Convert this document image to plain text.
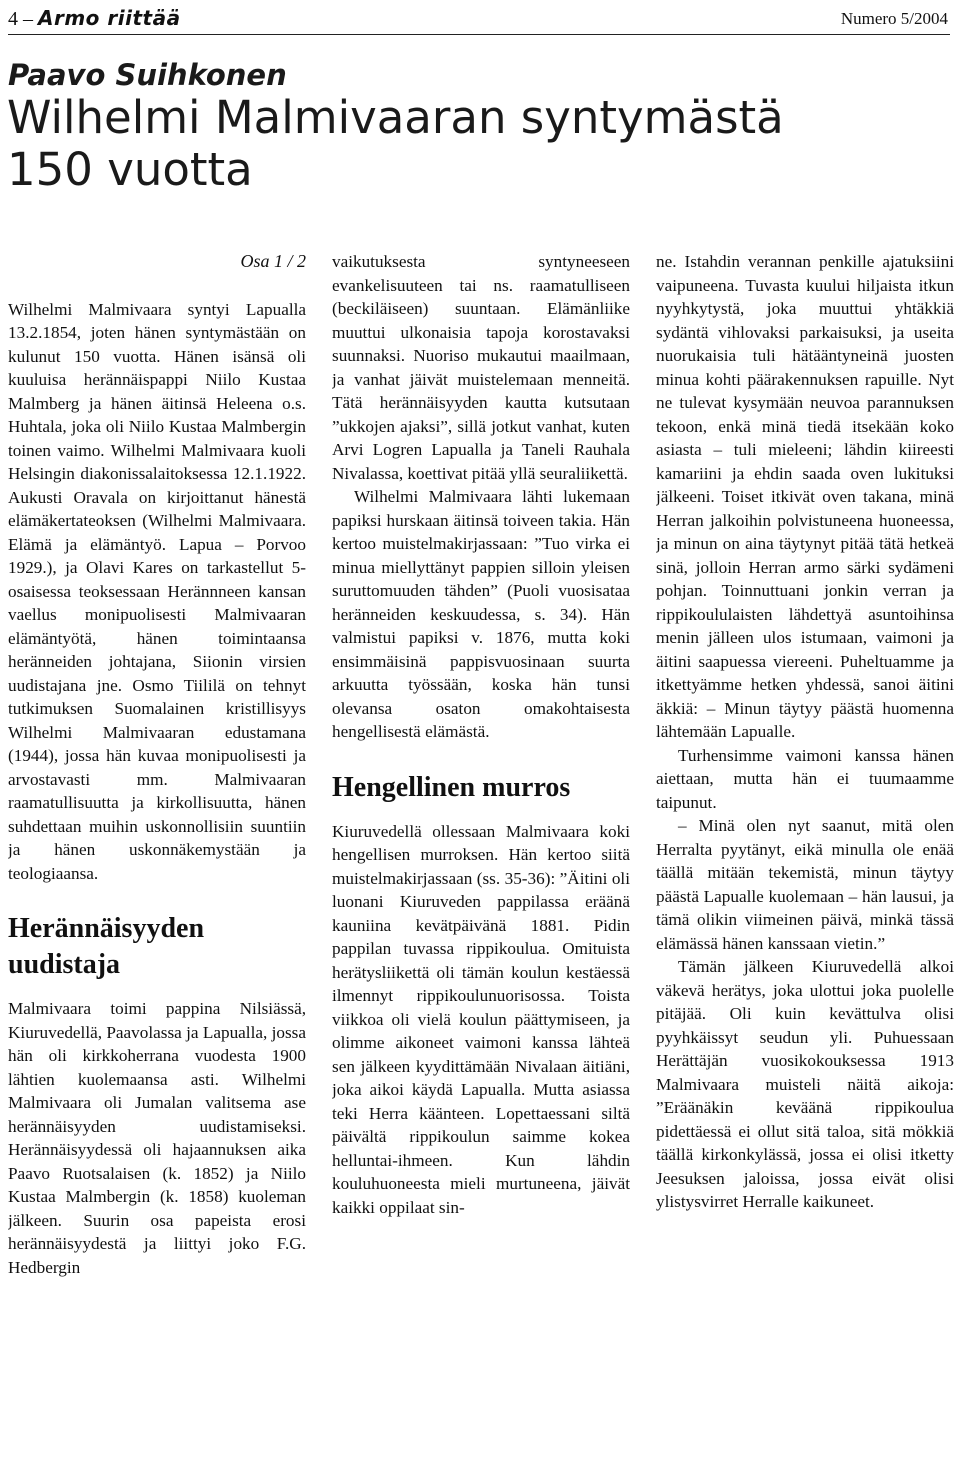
4 – Armo riittää	Numero 5/2004
Paavo Suihkonen
Wilhelmi Malmivaaran syntymästä 150 vuotta
Osa 1 / 2

Wilhelmi Malmivaara syntyi Lapualla 13.2.1854, joten hänen syntymästään on kulunut 150 vuotta. Hänen isänsä oli kuuluisa herännäispappi Niilo Kustaa Malmberg ja hänen äitinsä Heleena o.s. Huhtala, joka oli Niilo Kustaa Malmbergin toinen vaimo. Wilhelmi Malmivaara kuoli Helsingin diakonissalaitoksessa 12.1.1922. Aukusti Oravala on kirjoittanut hänestä elämäkertateoksen (Wilhelmi Malmivaara. Elämä ja elämäntyö. Lapua – Porvoo 1929.), ja Olavi Kares on tarkastellut 5-osaisessa teoksessaan Herännneen kansan vaellus monipuolisesti Malmivaaran elämäntyötä, hänen toimintaansa heränneiden johtajana, Siionin virsien uudistajana jne. Osmo Tiililä on tehnyt tutkimuksen Suomalainen kristillisyys Wilhelmi Malmivaaran edustamana (1944), jossa hän kuvaa monipuolisesti ja arvostavasti mm. Malmivaaran raamatullisuutta ja kirkollisuutta, hänen suhdettaan muihin uskonnollisiin suuntiin ja hänen uskonnäkemystään ja teologiaansa.

Herännäisyyden uudistaja

Malmivaara toimi pappina Nilsiässä, Kiuruvedellä, Paavolassa ja Lapualla, jossa hän oli kirkkoherrana vuodesta 1900 lähtien kuolemaansa asti. Wilhelmi Malmivaara oli Jumalan valitsema ase herännäisyyden uudistamiseksi. Herännäisyydessä oli hajaannuksen aika Paavo Ruotsalaisen (k. 1852) ja Niilo Kustaa Malmbergin (k. 1858) kuoleman jälkeen. Suurin osa papeista erosi herännäisyydestä ja liittyi joko F.G. Hedbergin

vaikutuksesta syntyneeseen evankelisuuteen tai ns. raamatulliseen (beckiläiseen) suuntaan. Elämänliike muuttui ulkonaisia tapoja korostavaksi suunnaksi. Nuoriso mukautui maailmaan, ja vanhat jäivät muistelemaan menneitä. Tätä herännäisyyden kautta kutsutaan ”ukkojen ajaksi”, sillä jotkut vanhat, kuten Arvi Logren Lapualla ja Taneli Rauhala Nivalassa, koettivat pitää yllä seuraliikettä.

Wilhelmi Malmivaara lähti lukemaan papiksi hurskaan äitinsä toiveen takia. Hän kertoo muistelmakirjassaan: ”Tuo virka ei minua miellyttänyt pappien silloin yleisen suruttomuuden tähden” (Puoli vuosisataa heränneiden keskuudessa, s. 34). Hän valmistui papiksi v. 1876, mutta koki ensimmäisinä pappisvuosinaan suurta arkuutta työssään, koska hän tunsi olevansa osaton omakohtaisesta hengellisestä elämästä.

Hengellinen murros

Kiuruvedellä ollessaan Malmivaara koki hengellisen murroksen. Hän kertoo siitä muistelmakirjassaan (ss. 35-36): ”Äitini oli luonani Kiuruveden pappilassa eräänä kauniina kevätpäivänä 1881. Pidin pappilan tuvassa rippikoulua. Omituista herätysliikettä oli tämän koulun kestäessä ilmennyt rippikoulunuorisossa. Toista viikkoa oli vielä koulun päättymiseen, ja olimme aikoneet vaimoni kanssa lähteä sen jälkeen kyydittämään Nivalaan äitiäni, joka aikoi käydä Lapualla. Mutta asiassa teki Herra käänteen. Lopettaessani siltä päivältä rippikoulun saimme kokea helluntai-ihmeen. Kun lähdin kouluhuoneesta mieli murtuneena, jäivät kaikki oppilaat sin-

ne. Istahdin verannan penkille ajatuksiini vaipuneena. Tuvasta kuului hiljaista itkun nyyhkytystä, joka muuttui yhtäkkiä sydäntä vihlovaksi parkaisuksi, ja useita nuorukaisia tuli hätääntyneinä juosten minua kohti päärakennuksen rapuille. Nyt ne tulevat kysymään neuvoa parannuksen tekoon, enkä minä tiedä itsekään koko asiasta – tuli mieleeni; lähdin kiireesti kamariini ja ehdin saada oven lukituksi jälkeeni. Toiset itkivät oven takana, minä Herran jalkoihin polvistuneena huoneessa, ja minun on aina täytynyt pitää tätä hetkeä sinä, jolloin Herran armo särki sydämeni pohjan. Toinnuttuani jonkin verran ja rippikoululaisten lähdettyä asuntoihinsa menin jälleen ulos istumaan, vaimoni ja äitini saapuessa viereeni. Puheltuamme ja itkettyämme hetken yhdessä, sanoi äitini äkkiä: – Minun täytyy päästä huomenna lähtemään Lapualle.

Turhensimme vaimoni kanssa hänen aiettaan, mutta hän ei tuumaamme taipunut.

– Minä olen nyt saanut, mitä olen Herralta pyytänyt, eikä minulla ole enää täällä mitään tekemistä, minun täytyy päästä Lapualle kuolemaan – hän lausui, ja tämä olikin viimeinen päivä, minkä tässä elämässä hänen kanssaan vietin.”

Tämän jälkeen Kiuruvedellä alkoi väkevä herätys, joka ulottui joka puolelle pitäjää. Oli kuin kevättulva olisi pyyhkäissyt seudun yli. Puhuessaan Herättäjän vuosikokouksessa 1913 Malmivaara muisteli näitä aikoja: ”Eräänäkin keväänä rippikoulua pidettäessä ei ollut sitä taloa, sitä mökkiä täällä kirkonkylässä, jossa ei olisi itketty Jeesuksen jaloissa, jossa eivät olisi ylistysvirret Herralle kaikuneet.
